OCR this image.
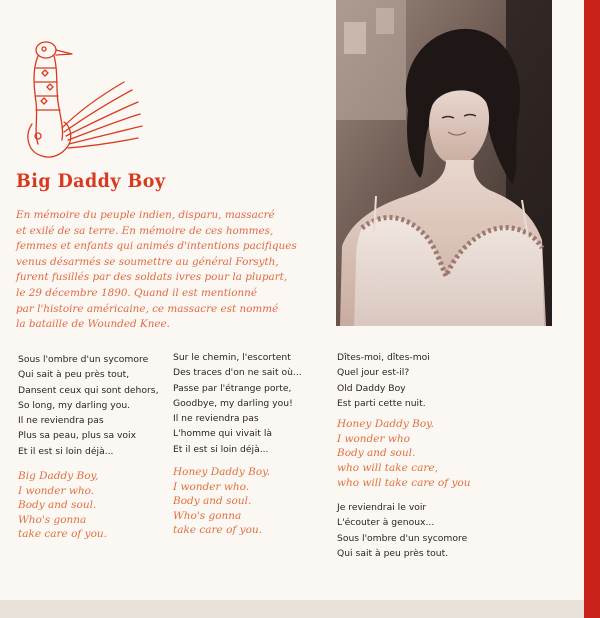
Big Daddy Boy
En mémoire du peuple indien, disparu, massacré
et exilé de sa terre. En mémoire de ces hommes,
femmes et enfants qui animés d'intentions pacifiques
venus désarmés se soumettre au général Forsyth,
furent fusillés par des soldats ivres pour la plupart,
le 29 décembre 1890. Quand il est mentionné
par l'histoire américaine, ce massacre est nommé
la bataille de Wounded Knee.
Sous l'ombre d'un sycomore
Qui sait à peu près tout,
Dansent ceux qui sont dehors,
So long, my darling you.
Il ne reviendra pas
Plus sa peau, plus sa voix
Et il est si loin déjà...
Big Daddy Boy,
I wonder who.
Body and soul.
Who's gonna
take care of you.
Sur le chemin, l'escortent
Des traces d'on ne sait où...
Passe par l'étrange porte,
Goodbye, my darling you!
Il ne reviendra pas
L'homme qui vivait là
Et il est si loin déjà...
Honey Daddy Boy.
I wonder who.
Body and soul.
Who's gonna
take care of you.
Dîtes-moi, dîtes-moi
Quel jour est-il?
Old Daddy Boy
Est parti cette nuit.
Honey Daddy Boy.
I wonder who
Body and soul.
who will take care,
who will take care of you
Je reviendrai le voir
L'écouter à genoux...
Sous l'ombre d'un sycomore
Qui sait à peu près tout.
